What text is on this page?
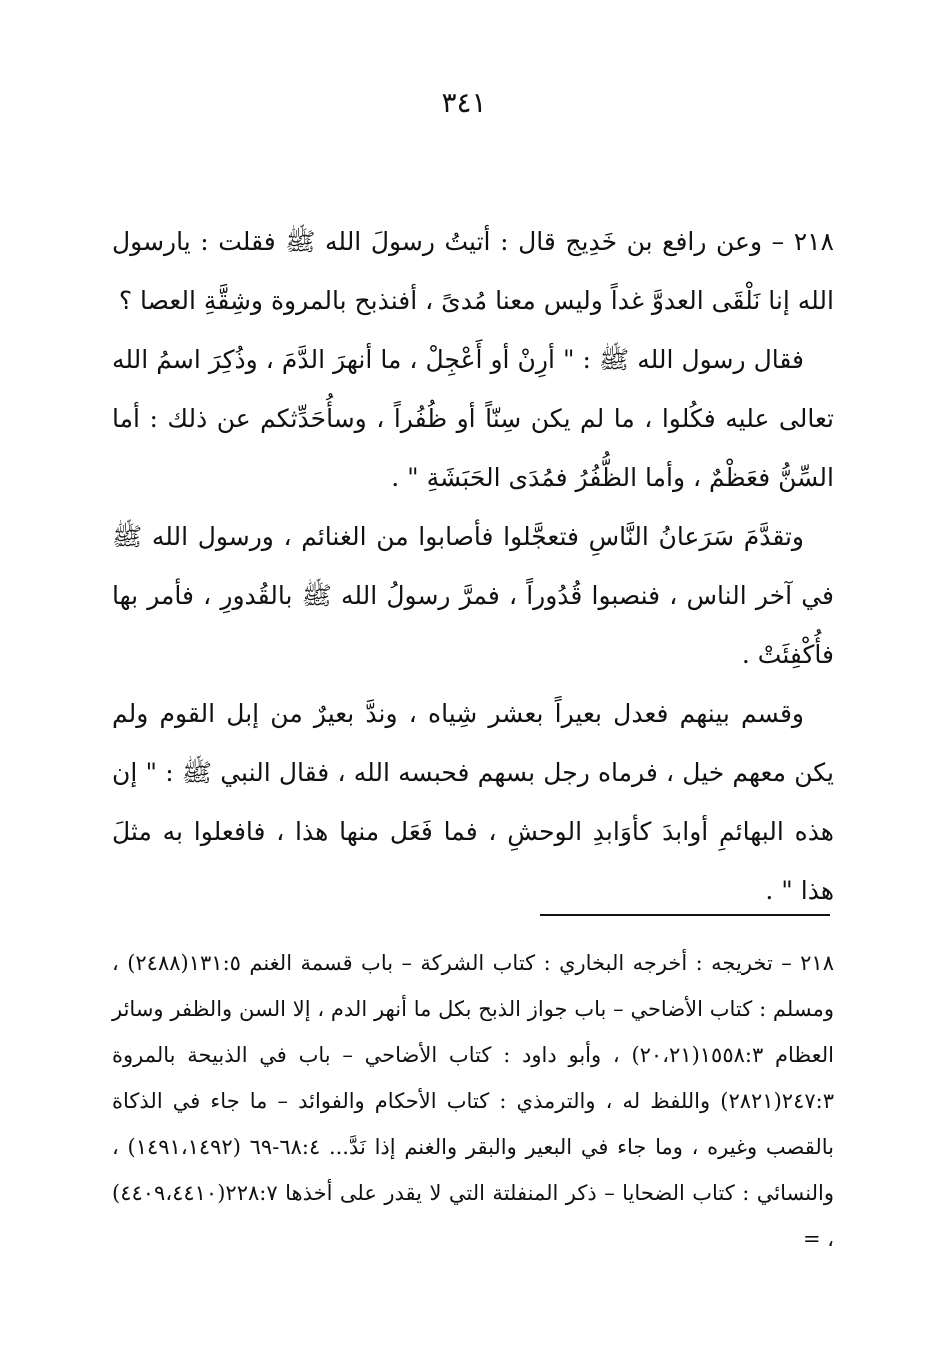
٣٤١

٢١٨ – وعن رافع بن خَدِيج قال : أتيتُ رسولَ الله ﷺ فقلت : يارسول الله إنا نَلْقَى العدوَّ غداً وليس معنا مُدىً ، أفنذبح بالمروة وشِقَّةِ العصا ؟

فقال رسول الله ﷺ : " أرِنْ أو أَعْجِلْ ، ما أنهرَ الدَّمَ ، وذُكِرَ اسمُ الله تعالى عليه فكُلوا ، ما لم يكن سِنّاً أو ظُفُراً ، وسأُحَدِّثكم عن ذلك : أما السِّنُّ فعَظْمٌ ، وأما الظُّفُرُ فمُدَى الحَبَشَةِ " .

وتقدَّمَ سَرَعانُ النَّاسِ فتعجَّلوا فأصابوا من الغنائم ، ورسول الله ﷺ في آخر الناس ، فنصبوا قُدُوراً ، فمرَّ رسولُ الله ﷺ بالقُدورِ ، فأمر بها فأُكْفِئَتْ .

وقسم بينهم فعدل بعيراً بعشر شِياه ، وندَّ بعيرٌ من إبل القوم ولم يكن معهم خيل ، فرماه رجل بسهم فحبسه الله ، فقال النبي ﷺ : " إن هذه البهائمِ أوابدَ كأوَابدِ الوحشِ ، فما فَعَل منها هذا ، فافعلوا به مثلَ هذا " .

٢١٨ – تخريجه : أخرجه البخاري : كتاب الشركة – باب قسمة الغنم ١٣١:٥(٢٤٨٨) ، ومسلم : كتاب الأضاحي – باب جواز الذبح بكل ما أنهر الدم ، إلا السن والظفر وسائر العظام ١٥٥٨:٣(٢٠،٢١) ، وأبو داود : كتاب الأضاحي – باب في الذبيحة بالمروة ٢٤٧:٣(٢٨٢١) واللفظ له ، والترمذي : كتاب الأحكام والفوائد – ما جاء في الذكاة بالقصب وغيره ، وما جاء في البعير والبقر والغنم إذا نَدَّ... ٦٨:٤-٦٩ (١٤٩١،١٤٩٢) ، والنسائي : كتاب الضحايا – ذكر المنفلتة التي لا يقدر على أخذها ٢٢٨:٧(٤٤٠٩،٤٤١٠) ، =
